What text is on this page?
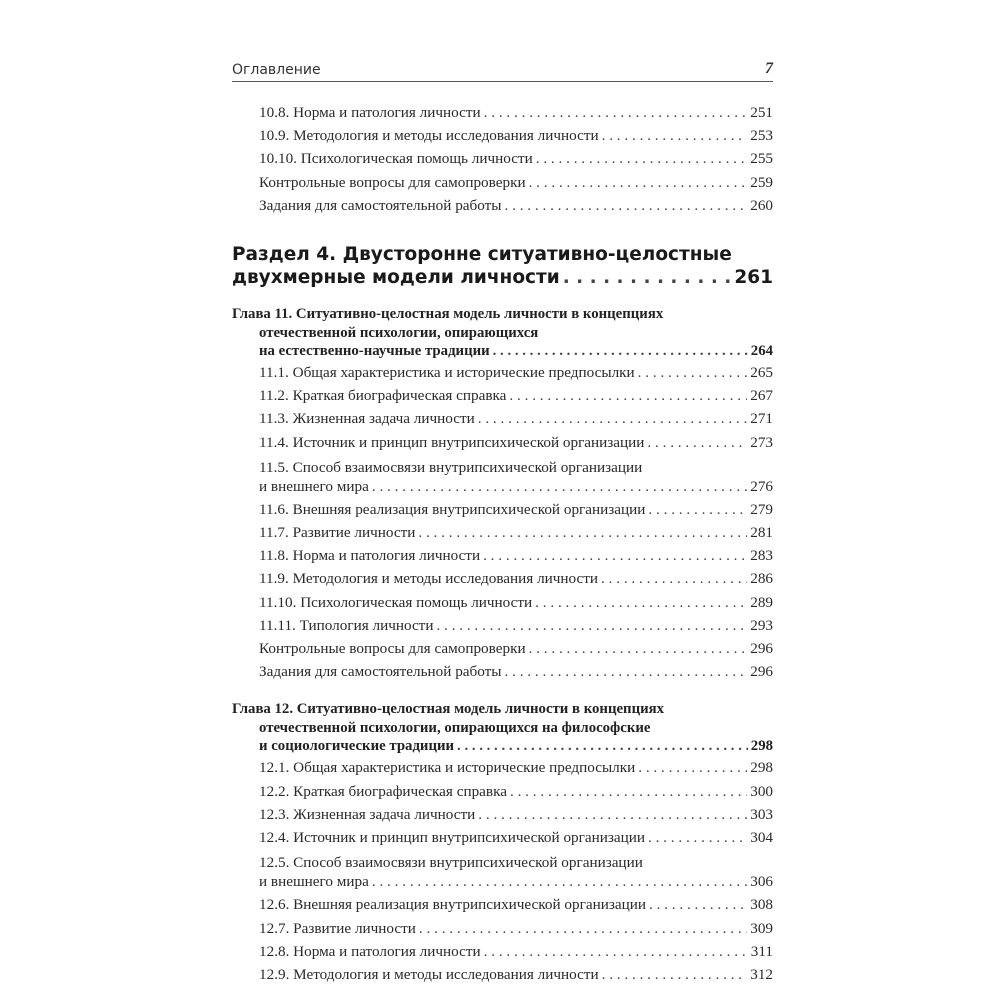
Оглавление	7
10.8. Норма и патология личности . . .	251
10.9. Методология и методы исследования личности . . .	253
10.10. Психологическая помощь личности . . .	255
Контрольные вопросы для самопроверки . . .	259
Задания для самостоятельной работы . . .	260
Раздел 4. Двусторонне ситуативно-целостные
двухмерные модели личности . . .	261
Глава 11. Ситуативно-целостная модель личности в концепциях
отечественной психологии, опирающихся
на естественно-научные традиции . . .	264
11.1. Общая характеристика и исторические предпосылки . . .	265
11.2. Краткая биографическая справка . . .	267
11.3. Жизненная задача личности . . .	271
11.4. Источник и принцип внутрипсихической организации . . .	273
11.5. Способ взаимосвязи внутрипсихической организации
и внешнего мира . . .	276
11.6. Внешняя реализация внутрипсихической организации . . .	279
11.7. Развитие личности . . .	281
11.8. Норма и патология личности . . .	283
11.9. Методология и методы исследования личности . . .	286
11.10. Психологическая помощь личности . . .	289
11.11. Типология личности . . .	293
Контрольные вопросы для самопроверки . . .	296
Задания для самостоятельной работы . . .	296
Глава 12. Ситуативно-целостная модель личности в концепциях
отечественной психологии, опирающихся на философские
и социологические традиции . . .	298
12.1. Общая характеристика и исторические предпосылки . . .	298
12.2. Краткая биографическая справка . . .	300
12.3. Жизненная задача личности . . .	303
12.4. Источник и принцип внутрипсихической организации . . .	304
12.5. Способ взаимосвязи внутрипсихической организации
и внешнего мира . . .	306
12.6. Внешняя реализация внутрипсихической организации . . .	308
12.7. Развитие личности . . .	309
12.8. Норма и патология личности . . .	311
12.9. Методология и методы исследования личности . . .	312
